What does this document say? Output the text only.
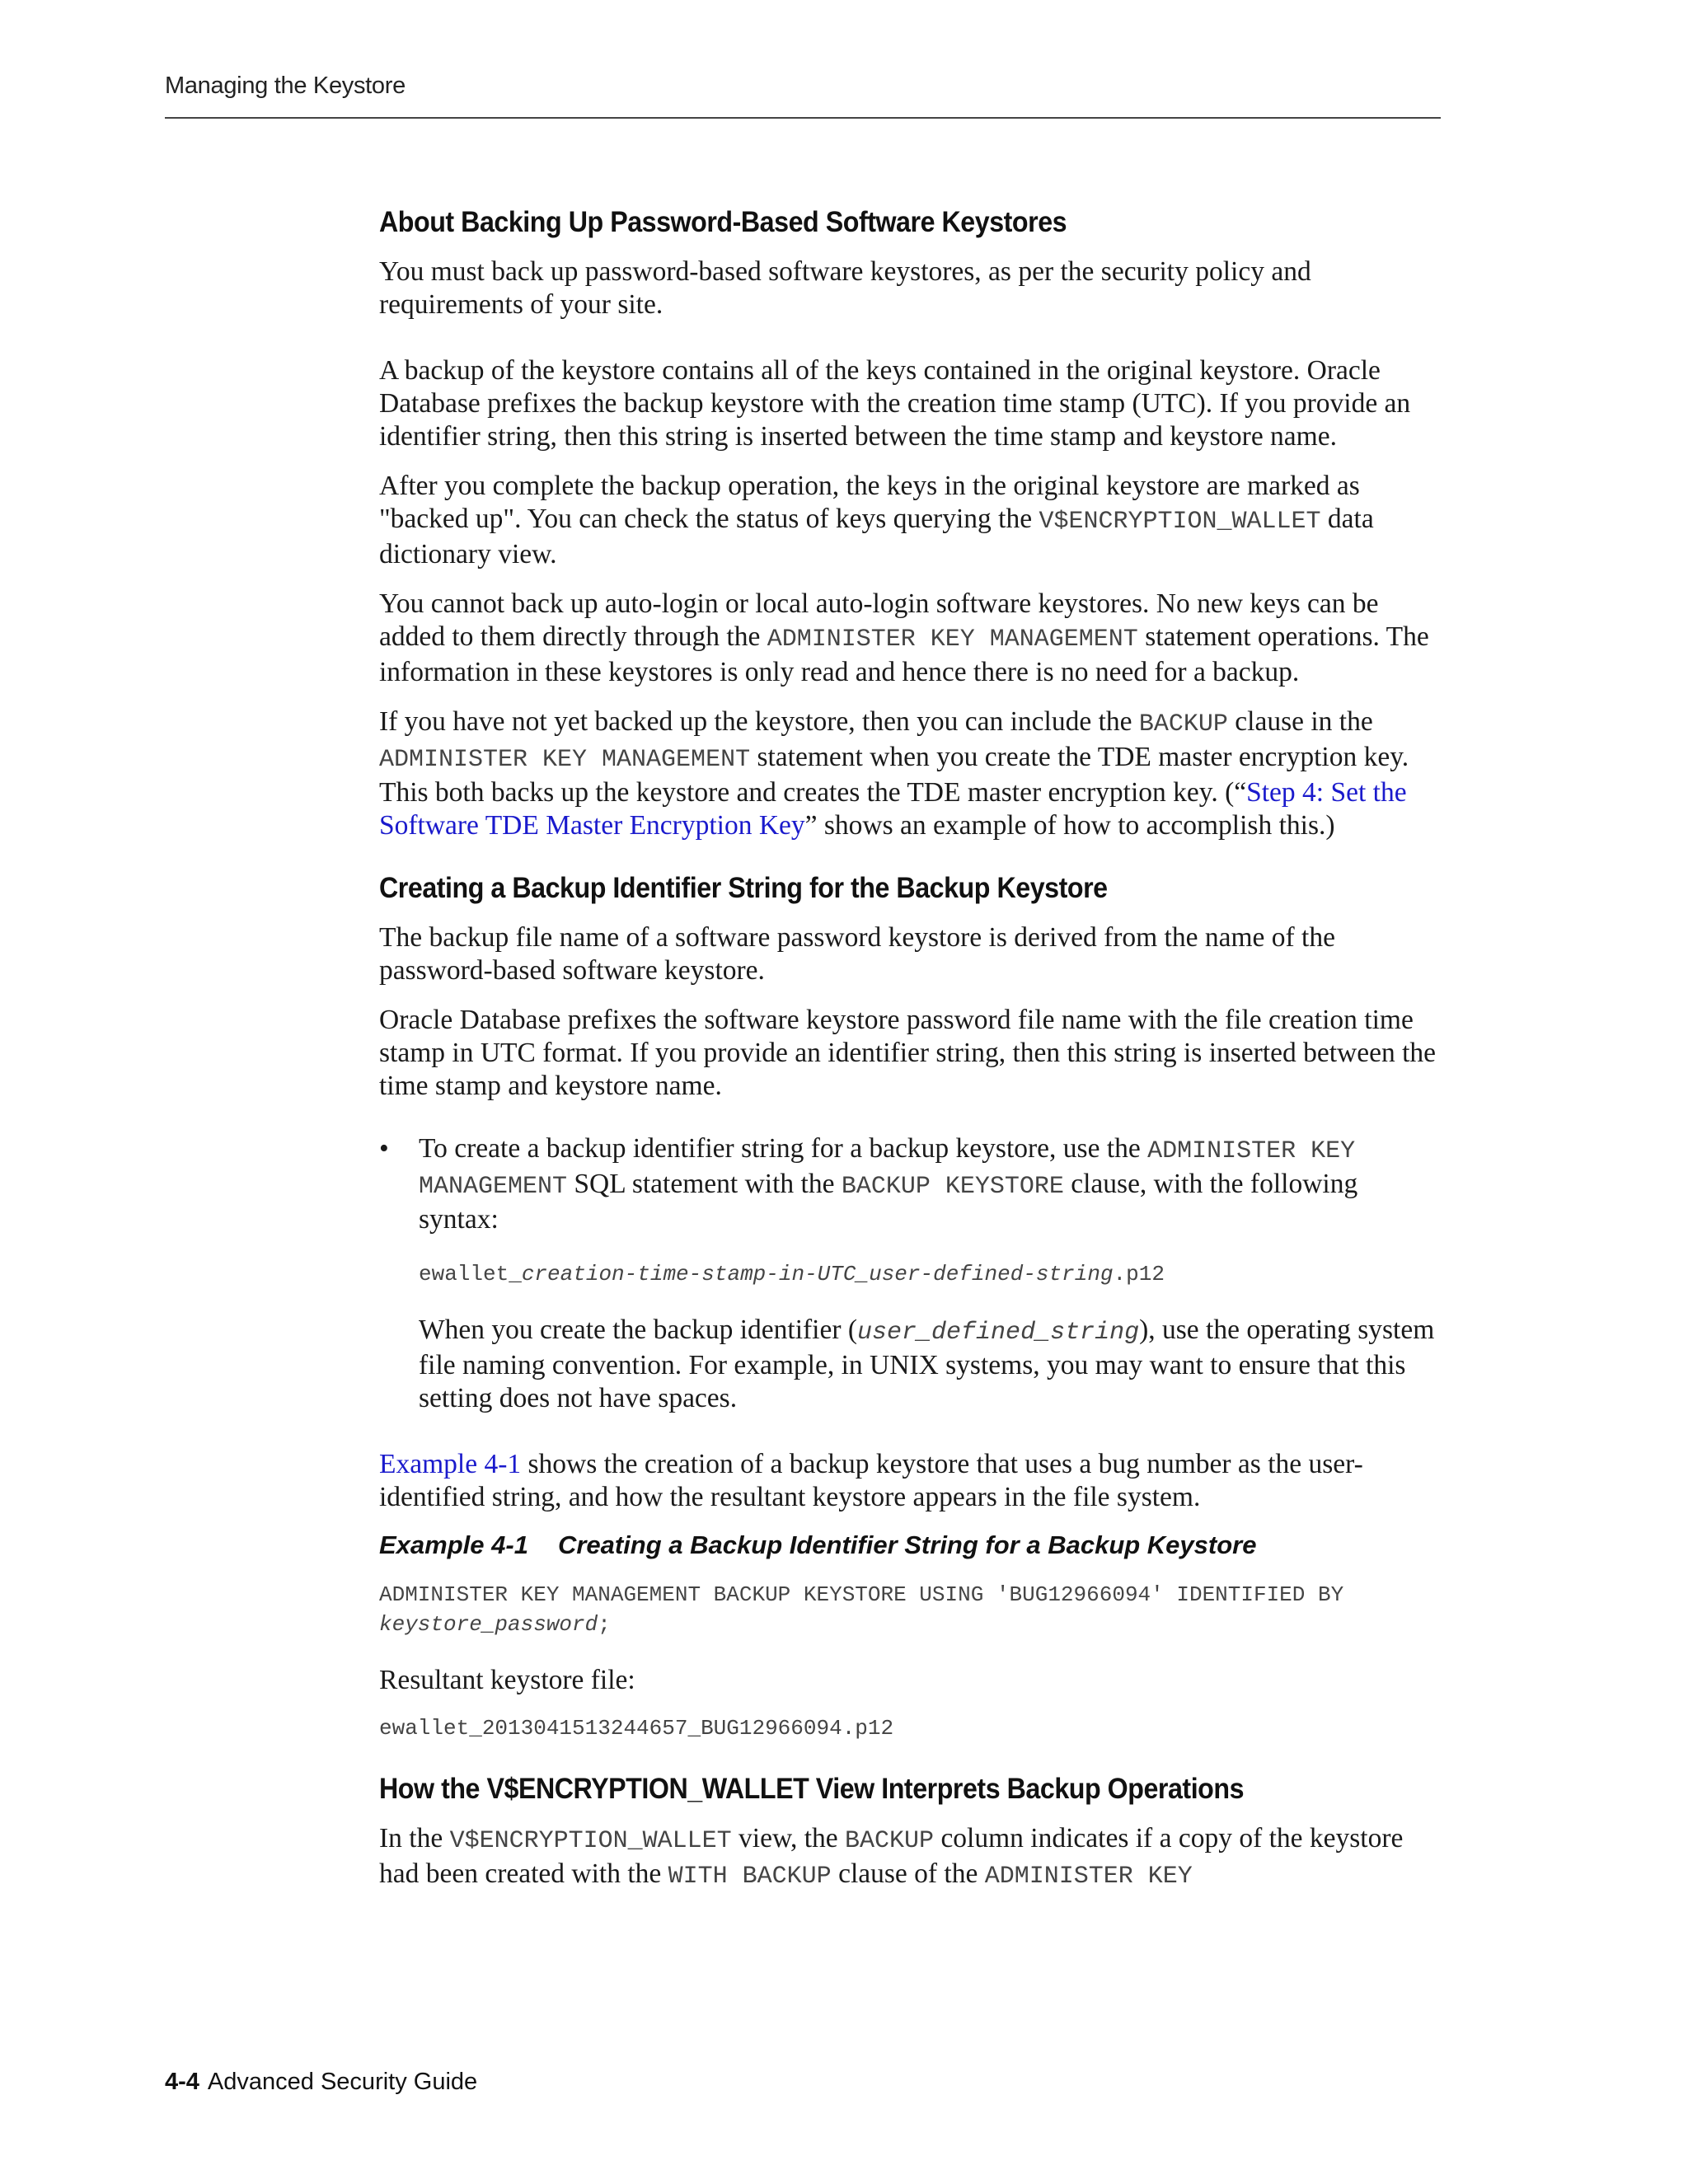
Managing the Keystore
About Backing Up Password-Based Software Keystores

You must back up password-based software keystores, as per the security policy and requirements of your site.

A backup of the keystore contains all of the keys contained in the original keystore. Oracle Database prefixes the backup keystore with the creation time stamp (UTC). If you provide an identifier string, then this string is inserted between the time stamp and keystore name.

After you complete the backup operation, the keys in the original keystore are marked as "backed up". You can check the status of keys querying the V$ENCRYPTION_WALLET data dictionary view.

You cannot back up auto-login or local auto-login software keystores. No new keys can be added to them directly through the ADMINISTER KEY MANAGEMENT statement operations. The information in these keystores is only read and hence there is no need for a backup.

If you have not yet backed up the keystore, then you can include the BACKUP clause in the ADMINISTER KEY MANAGEMENT statement when you create the TDE master encryption key. This both backs up the keystore and creates the TDE master encryption key. (“Step 4: Set the Software TDE Master Encryption Key” shows an example of how to accomplish this.)

Creating a Backup Identifier String for the Backup Keystore

The backup file name of a software password keystore is derived from the name of the password-based software keystore.

Oracle Database prefixes the software keystore password file name with the file creation time stamp in UTC format. If you provide an identifier string, then this string is inserted between the time stamp and keystore name.

•	To create a backup identifier string for a backup keystore, use the ADMINISTER KEY MANAGEMENT SQL statement with the BACKUP KEYSTORE clause, with the following syntax:

ewallet_creation-time-stamp-in-UTC_user-defined-string.p12

When you create the backup identifier (user_defined_string), use the operating system file naming convention. For example, in UNIX systems, you may want to ensure that this setting does not have spaces.

Example 4-1 shows the creation of a backup keystore that uses a bug number as the user-identified string, and how the resultant keystore appears in the file system.

Example 4-1 Creating a Backup Identifier String for a Backup Keystore
ADMINISTER KEY MANAGEMENT BACKUP KEYSTORE USING 'BUG12966094' IDENTIFIED BY
keystore_password;

Resultant keystore file:

ewallet_2013041513244657_BUG12966094.p12
How the V$ENCRYPTION_WALLET View Interprets Backup Operations

In the V$ENCRYPTION_WALLET view, the BACKUP column indicates if a copy of the keystore had been created with the WITH BACKUP clause of the ADMINISTER KEY

4-4 Advanced Security Guide
